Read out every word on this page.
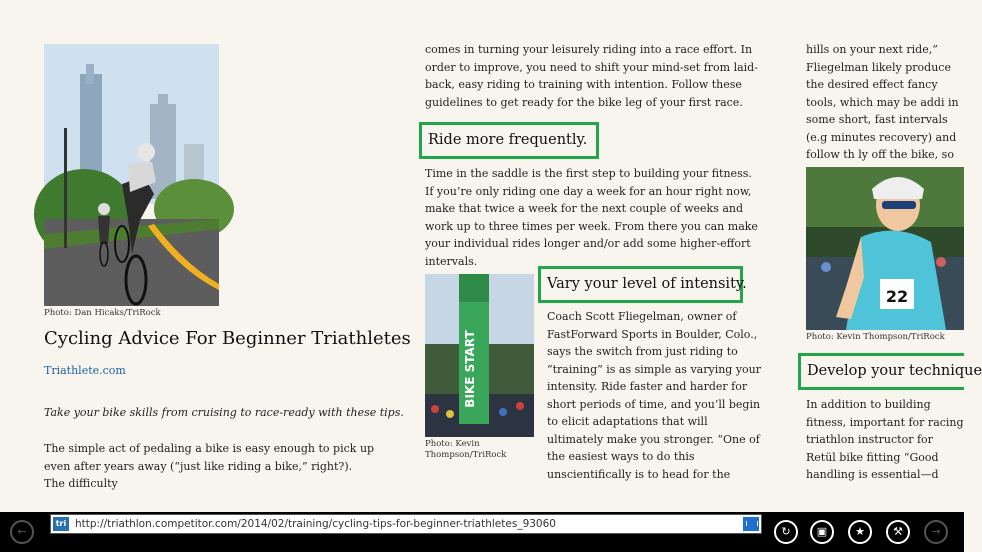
Photo: Dan Hicaks/TriRock
Cycling Advice For Beginner Triathletes
Triathlete.com
Take your bike skills from cruising to race-ready with these tips.

The simple act of pedaling a bike is easy enough to pick up even after years away (“just like riding a bike,” right?). The difficulty

comes in turning your leisurely riding into a race effort. In order to improve, you need to shift your mind-set from laid-back, easy riding to training with intention. Follow these guidelines to get ready for the bike leg of your first race.

Ride more frequently.

Time in the saddle is the first step to building your fitness. If you’re only riding one day a week for an hour right now, make that twice a week for the next couple of weeks and work up to three times per week. From there you can make your individual rides longer and/or add some higher-effort intervals.

BIKE START
Photo: Kevin Thompson/TriRock
Vary your level of intensity.

Coach Scott Fliegelman, owner of FastForward Sports in Boulder, Colo., says the switch from just riding to “training” is as simple as varying your intensity. Ride faster and harder for short periods of time, and you’ll begin to elicit adaptations that will ultimately make you stronger. “One of the easiest ways to do this unscientifically is to head for the

hills on your next ride,” Fliegelman likely produce the desired effect fancy tools, which may be addi in some short, fast intervals (e.g minutes recovery) and follow th ly off the bike, so

22
Photo: Kevin Thompson/TriRock
Develop your technique

In addition to building fitness, important for racing triathlon instructor for Retül bike fitting “Good handling is essential—d

←	↻	▣	★	⚒	→
tri http://triathlon.competitor.com/2014/02/training/cycling-tips-for-beginner-triathletes_93060
